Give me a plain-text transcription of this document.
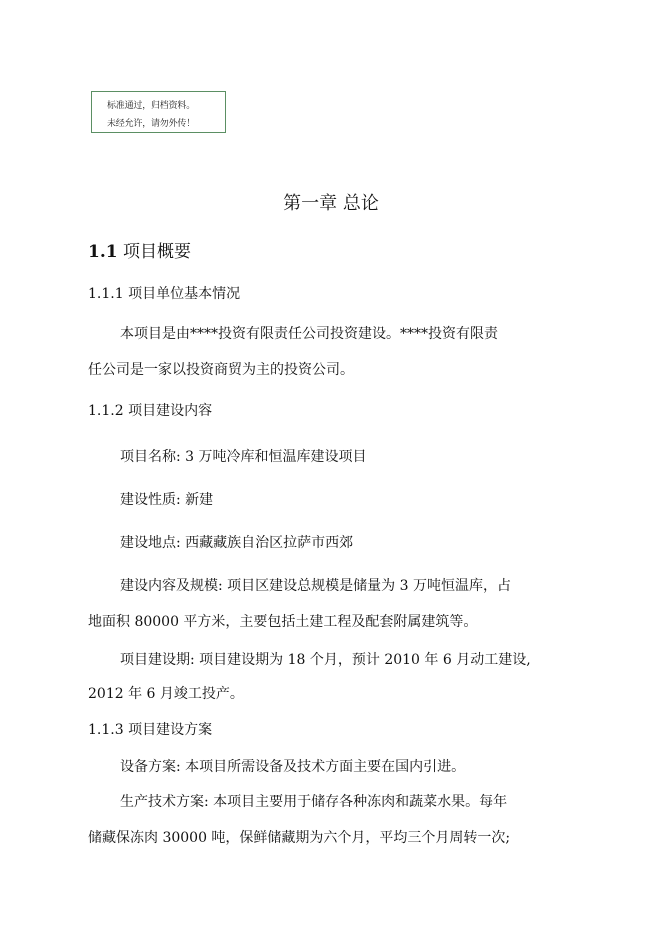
标准通过，归档资料。
未经允许，请勿外传！
第一章 总论
1.1 项目概要
1.1.1 项目单位基本情况
本项目是由****投资有限责任公司投资建设。****投资有限责
任公司是一家以投资商贸为主的投资公司。
1.1.2 项目建设内容
项目名称: 3 万吨冷库和恒温库建设项目
建设性质: 新建
建设地点: 西藏藏族自治区拉萨市西郊
建设内容及规模: 项目区建设总规模是储量为 3 万吨恒温库，占
地面积 80000 平方米，主要包括土建工程及配套附属建筑等。
项目建设期: 项目建设期为 18 个月，预计 2010 年 6 月动工建设,
2012 年 6 月竣工投产。
1.1.3 项目建设方案
设备方案: 本项目所需设备及技术方面主要在国内引进。
生产技术方案: 本项目主要用于储存各种冻肉和蔬菜水果。每年
储藏保冻肉 30000 吨，保鲜储藏期为六个月，平均三个月周转一次;
